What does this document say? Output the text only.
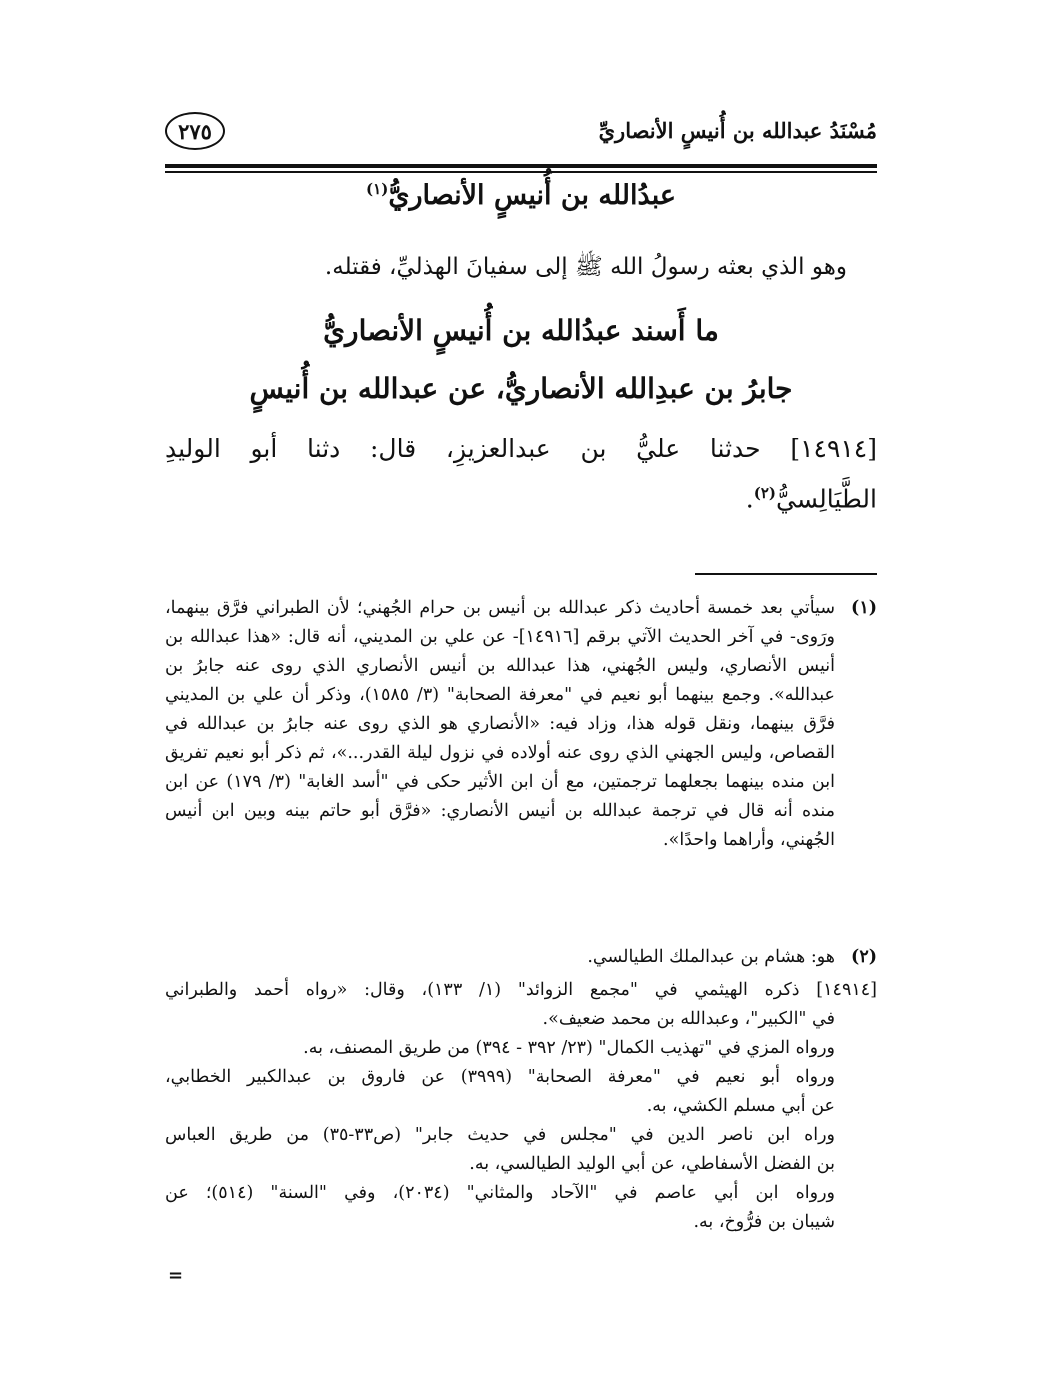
مُسْنَدُ عبدالله بن أُنيسٍ الأنصاريِّ
٢٧٥
عبدُالله بن أُنيسٍ الأنصاريُّ$^{(١)}$
وهو الذي بعثه رسولُ الله ﷺ إلى سفيانَ الهذليِّ، فقتله.
ما أَسند عبدُالله بن أُنيسٍ الأنصاريُّ
جابرُ بن عبدِالله الأنصاريُّ، عن عبدالله بن أُنيسٍ
[١٤٩١٤] حدثنا عليُّ بن عبدالعزيزِ، قال: دثنا أبو الوليدِ
الطَّيَالِسيُّ$^{(٢)}$.
(١)
سيأتي بعد خمسة أحاديث ذكر عبدالله بن أنيس بن حرام الجُهني؛ لأن الطبراني فرَّق بينهما، ورَوى- في آخر الحديث الآتي برقم [١٤٩١٦]- عن علي بن المديني، أنه قال: «هذا عبدالله بن أنيس الأنصاري، وليس الجُهني، هذا عبدالله بن أنيس الأنصاري الذي روى عنه جابرُ بن عبدالله». وجمع بينهما أبو نعيم في "معرفة الصحابة" (٣/ ١٥٨٥)، وذكر أن علي بن المديني فرَّق بينهما، ونقل قوله هذا، وزاد فيه: «الأنصاري هو الذي روى عنه جابرُ بن عبدالله في القصاص، وليس الجهني الذي روى عنه أولاده في نزول ليلة القدر...»، ثم ذكر أبو نعيم تفريق ابن منده بينهما بجعلهما ترجمتين، مع أن ابن الأثير حكى في "أسد الغابة" (٣/ ١٧٩) عن ابن منده أنه قال في ترجمة عبدالله بن أنيس الأنصاري: «فرَّق أبو حاتم بينه وبين ابن أنيس الجُهني، وأراهما واحدًا».
(٢)
هو: هشام بن عبدالملك الطيالسي.
[١٤٩١٤] ذكره الهيثمي في "مجمع الزوائد" (١/ ١٣٣)، وقال: «رواه أحمد والطبراني
في "الكبير"، وعبدالله بن محمد ضعيف».
ورواه المزي في "تهذيب الكمال" (٢٣/ ٣٩٢ - ٣٩٤) من طريق المصنف، به.
ورواه أبو نعيم في "معرفة الصحابة" (٣٩٩٩) عن فاروق بن عبدالكبير الخطابي،
عن أبي مسلم الكشي، به.
وراه ابن ناصر الدين في "مجلس في حديث جابر" (ص٣٣-٣٥) من طريق العباس
بن الفضل الأسفاطي، عن أبي الوليد الطيالسي، به.
ورواه ابن أبي عاصم في "الآحاد والمثاني" (٢٠٣٤)، وفي "السنة" (٥١٤)؛ عن
شيبان بن فرُّوخ، به.
=
